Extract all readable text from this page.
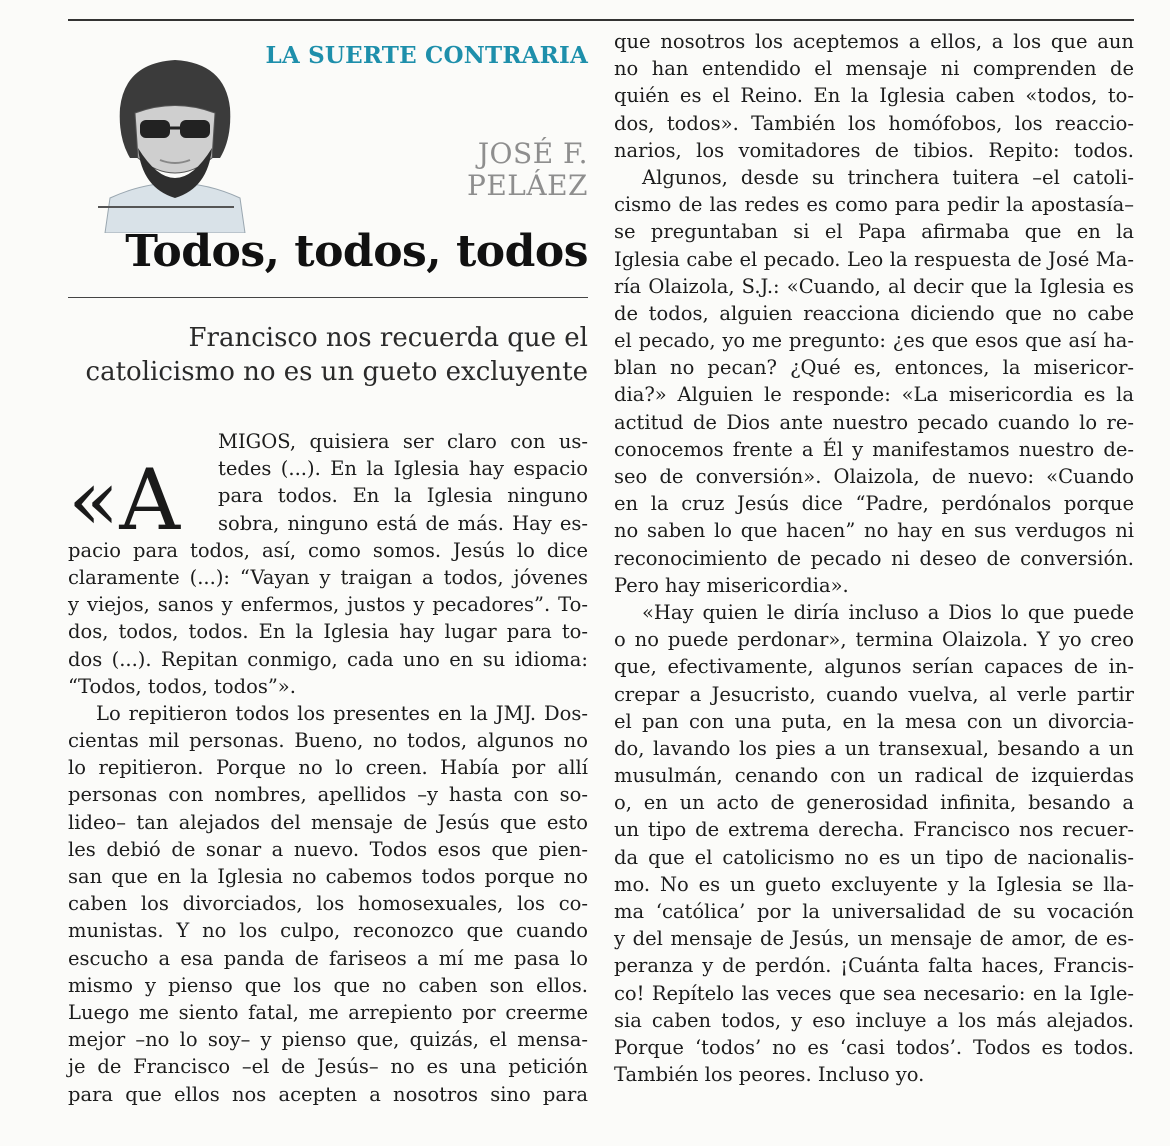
LA SUERTE CONTRARIA
JOSÉ F.
PELÁEZ
Todos, todos, todos
Francisco nos recuerda que el
catolicismo no es un gueto excluyente
«A
MIGOS, quisiera ser claro con us-
tedes (...). En la Iglesia hay espacio
para todos. En la Iglesia ninguno
sobra, ninguno está de más. Hay es-
pacio para todos, así, como somos. Jesús lo dice
claramente (...): “Vayan y traigan a todos, jóvenes
y viejos, sanos y enfermos, justos y pecadores”. To-
dos, todos, todos. En la Iglesia hay lugar para to-
dos (...). Repitan conmigo, cada uno en su idioma:
“Todos, todos, todos”».
Lo repitieron todos los presentes en la JMJ. Dos-
cientas mil personas. Bueno, no todos, algunos no
lo repitieron. Porque no lo creen. Había por allí
personas con nombres, apellidos –y hasta con so-
lideo– tan alejados del mensaje de Jesús que esto
les debió de sonar a nuevo. Todos esos que pien-
san que en la Iglesia no cabemos todos porque no
caben los divorciados, los homosexuales, los co-
munistas. Y no los culpo, reconozco que cuando
escucho a esa panda de fariseos a mí me pasa lo
mismo y pienso que los que no caben son ellos.
Luego me siento fatal, me arrepiento por creerme
mejor –no lo soy– y pienso que, quizás, el mensa-
je de Francisco –el de Jesús– no es una petición
para que ellos nos acepten a nosotros sino para
que nosotros los aceptemos a ellos, a los que aun
no han entendido el mensaje ni comprenden de
quién es el Reino. En la Iglesia caben «todos, to-
dos, todos». También los homófobos, los reaccio-
narios, los vomitadores de tibios. Repito: todos.
Algunos, desde su trinchera tuitera –el catoli-
cismo de las redes es como para pedir la apostasía–
se preguntaban si el Papa afirmaba que en la
Iglesia cabe el pecado. Leo la respuesta de José Ma-
ría Olaizola, S.J.: «Cuando, al decir que la Iglesia es
de todos, alguien reacciona diciendo que no cabe
el pecado, yo me pregunto: ¿es que esos que así ha-
blan no pecan? ¿Qué es, entonces, la misericor-
dia?» Alguien le responde: «La misericordia es la
actitud de Dios ante nuestro pecado cuando lo re-
conocemos frente a Él y manifestamos nuestro de-
seo de conversión». Olaizola, de nuevo: «Cuando
en la cruz Jesús dice “Padre, perdónalos porque
no saben lo que hacen” no hay en sus verdugos ni
reconocimiento de pecado ni deseo de conversión.
Pero hay misericordia».
«Hay quien le diría incluso a Dios lo que puede
o no puede perdonar», termina Olaizola. Y yo creo
que, efectivamente, algunos serían capaces de in-
crepar a Jesucristo, cuando vuelva, al verle partir
el pan con una puta, en la mesa con un divorcia-
do, lavando los pies a un transexual, besando a un
musulmán, cenando con un radical de izquierdas
o, en un acto de generosidad infinita, besando a
un tipo de extrema derecha. Francisco nos recuer-
da que el catolicismo no es un tipo de nacionalis-
mo. No es un gueto excluyente y la Iglesia se lla-
ma ‘católica’ por la universalidad de su vocación
y del mensaje de Jesús, un mensaje de amor, de es-
peranza y de perdón. ¡Cuánta falta haces, Francis-
co! Repítelo las veces que sea necesario: en la Igle-
sia caben todos, y eso incluye a los más alejados.
Porque ‘todos’ no es ‘casi todos’. Todos es todos.
También los peores. Incluso yo.
